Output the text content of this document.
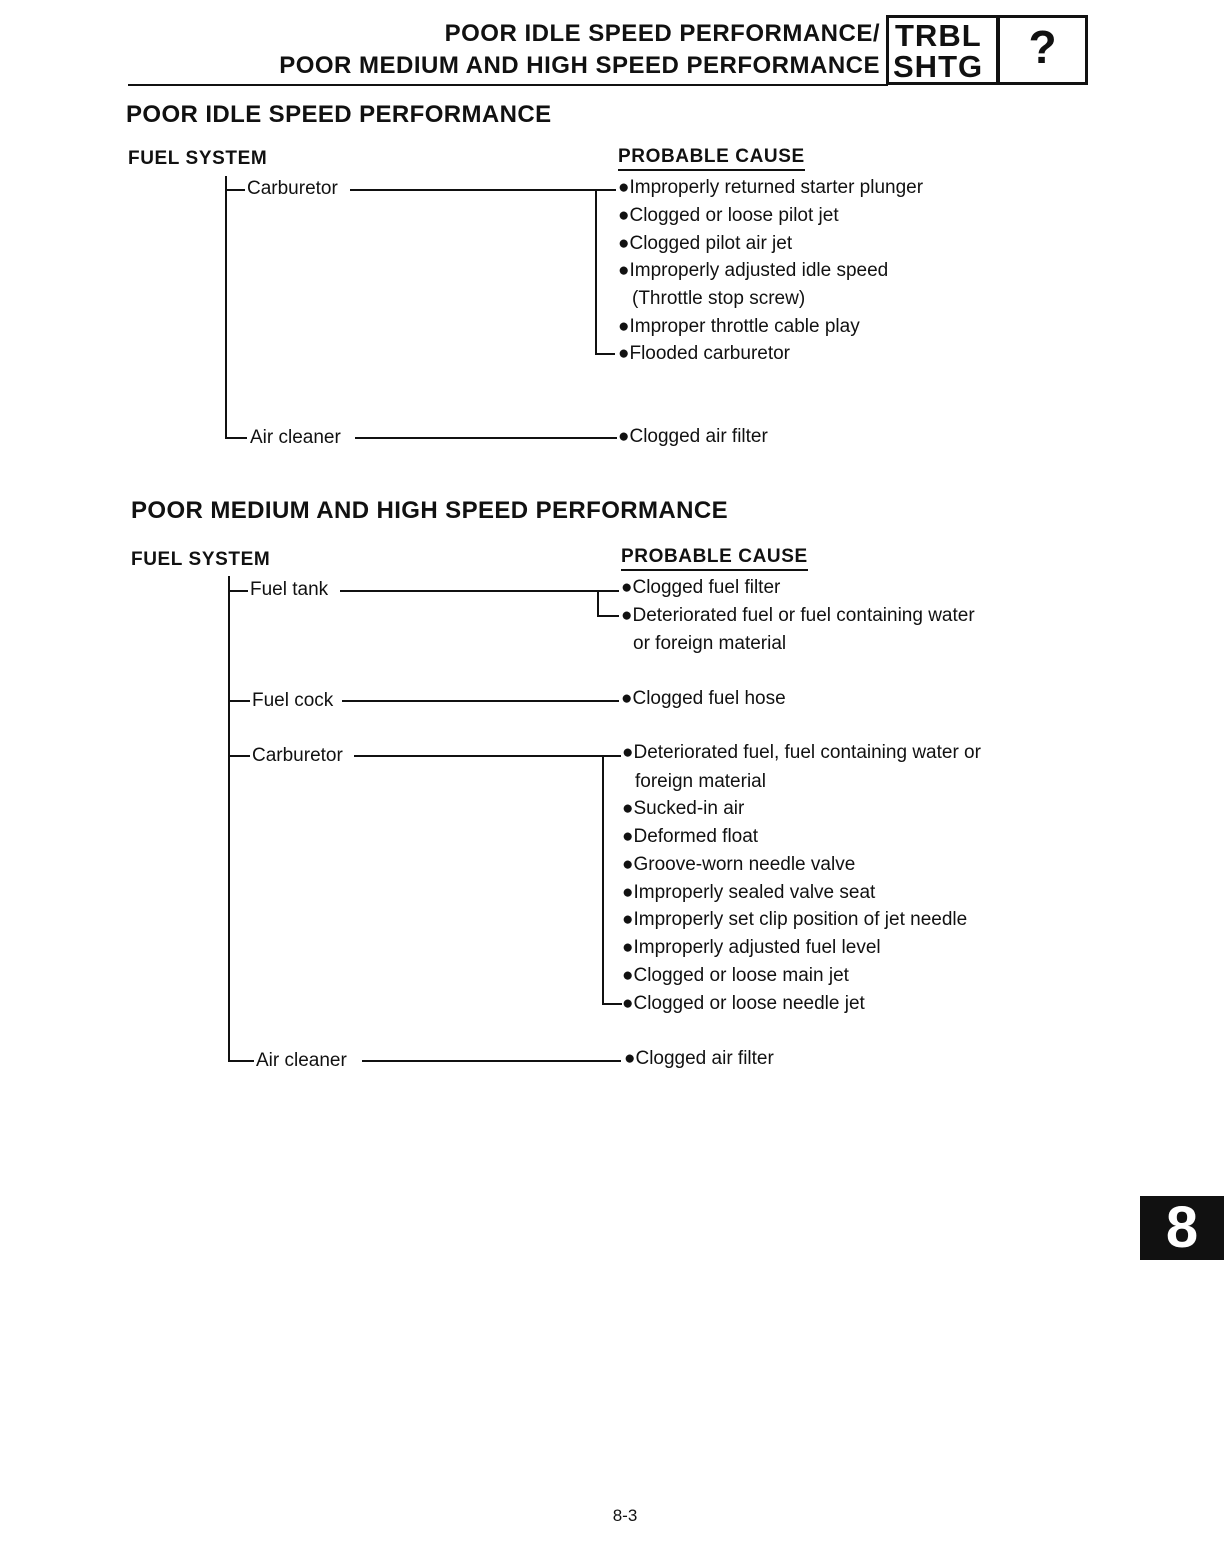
POOR IDLE SPEED PERFORMANCE/
POOR MEDIUM AND HIGH SPEED PERFORMANCE
TRBL
SHTG ?
POOR IDLE SPEED PERFORMANCE
FUEL SYSTEM	PROBABLE CAUSE
Carburetor	●Improperly returned starter plunger
●Clogged or loose pilot jet
●Clogged pilot air jet
●Improperly adjusted idle speed
(Throttle stop screw)
●Improper throttle cable play
●Flooded carburetor
Air cleaner	●Clogged air filter
POOR MEDIUM AND HIGH SPEED PERFORMANCE
FUEL SYSTEM	PROBABLE CAUSE
Fuel tank	●Clogged fuel filter
●Deteriorated fuel or fuel containing water
or foreign material
Fuel cock	●Clogged fuel hose
Carburetor	●Deteriorated fuel, fuel containing water or
foreign material
●Sucked-in air
●Deformed float
●Groove-worn needle valve
●Improperly sealed valve seat
●Improperly set clip position of jet needle
●Improperly adjusted fuel level
●Clogged or loose main jet
●Clogged or loose needle jet
Air cleaner	●Clogged air filter
8
8-3
